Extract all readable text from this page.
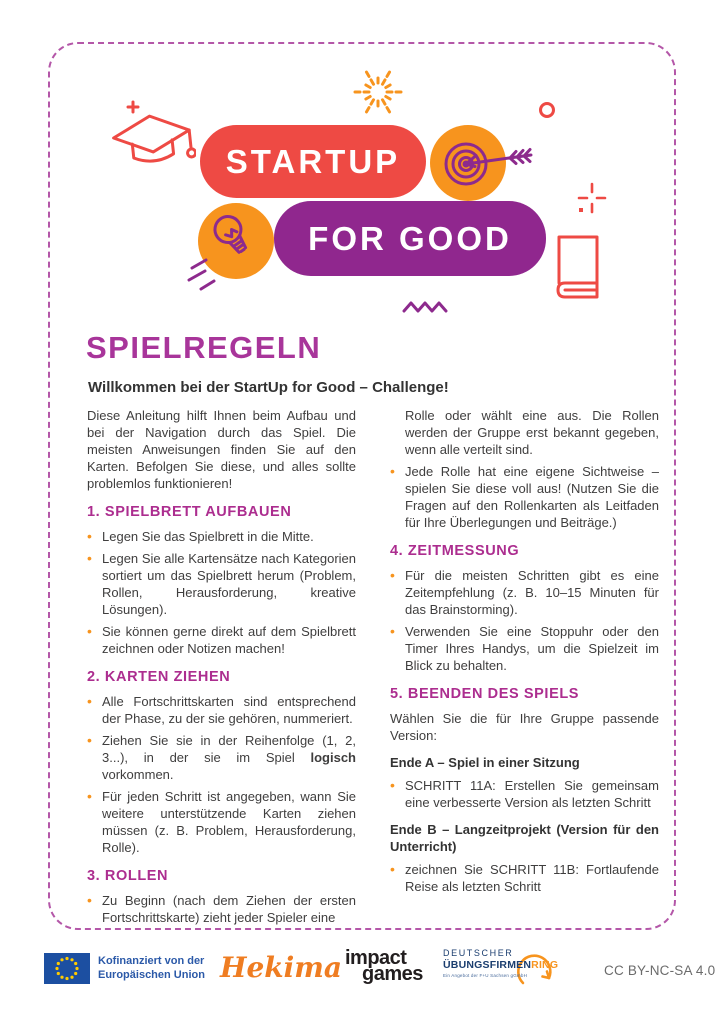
STARTUP
FOR GOOD
SPIELREGELN
Willkommen bei der StartUp for Good – Challenge!

Diese Anleitung hilft Ihnen beim Aufbau und bei der Navigation durch das Spiel. Die meisten Anweisungen finden Sie auf den Karten. Befolgen Sie diese, und alles sollte problemlos funktionieren!

1. SPIELBRETT AUFBAUEN
• Legen Sie das Spielbrett in die Mitte.
• Legen Sie alle Kartensätze nach Kategorien sortiert um das Spielbrett herum (Problem, Rollen, Herausforderung, kreative Lösungen).
• Sie können gerne direkt auf dem Spielbrett zeichnen oder Notizen machen!
2. KARTEN ZIEHEN
• Alle Fortschrittskarten sind entsprechend der Phase, zu der sie gehören, nummeriert.
• Ziehen Sie sie in der Reihenfolge (1, 2, 3...), in der sie im Spiel logisch vorkommen.
• Für jeden Schritt ist angegeben, wann Sie weitere unterstützende Karten ziehen müssen (z. B. Problem, Herausforderung, Rolle).
3. ROLLEN
• Zu Beginn (nach dem Ziehen der ersten Fortschrittskarte) zieht jeder Spieler eine

Rolle oder wählt eine aus. Die Rollen werden der Gruppe erst bekannt gegeben, wenn alle verteilt sind.

• Jede Rolle hat eine eigene Sichtweise – spielen Sie diese voll aus! (Nutzen Sie die Fragen auf den Rollenkarten als Leitfaden für Ihre Überlegungen und Beiträge.)
4. ZEITMESSUNG
• Für die meisten Schritten gibt es eine Zeitempfehlung (z. B. 10–15 Minuten für das Brainstorming).
• Verwenden Sie eine Stoppuhr oder den Timer Ihres Handys, um die Spielzeit im Blick zu behalten.
5. BEENDEN DES SPIELS

Wählen Sie die für Ihre Gruppe passende Version:

Ende A – Spiel in einer Sitzung
• SCHRITT 11A: Erstellen Sie gemeinsam eine verbesserte Version als letzten Schritt
Ende B – Langzeitprojekt (Version für den Unterricht)
• zeichnen Sie SCHRITT 11B: Fortlaufende Reise als letzten Schritt
Kofinanziert von der
Europäischen Union Hekima impact
games
DEUTSCHER
ÜBUNGSFIRMENRING
Ein Angebot der F+U Sachsen gGmbH	CC BY-NC-SA 4.0
